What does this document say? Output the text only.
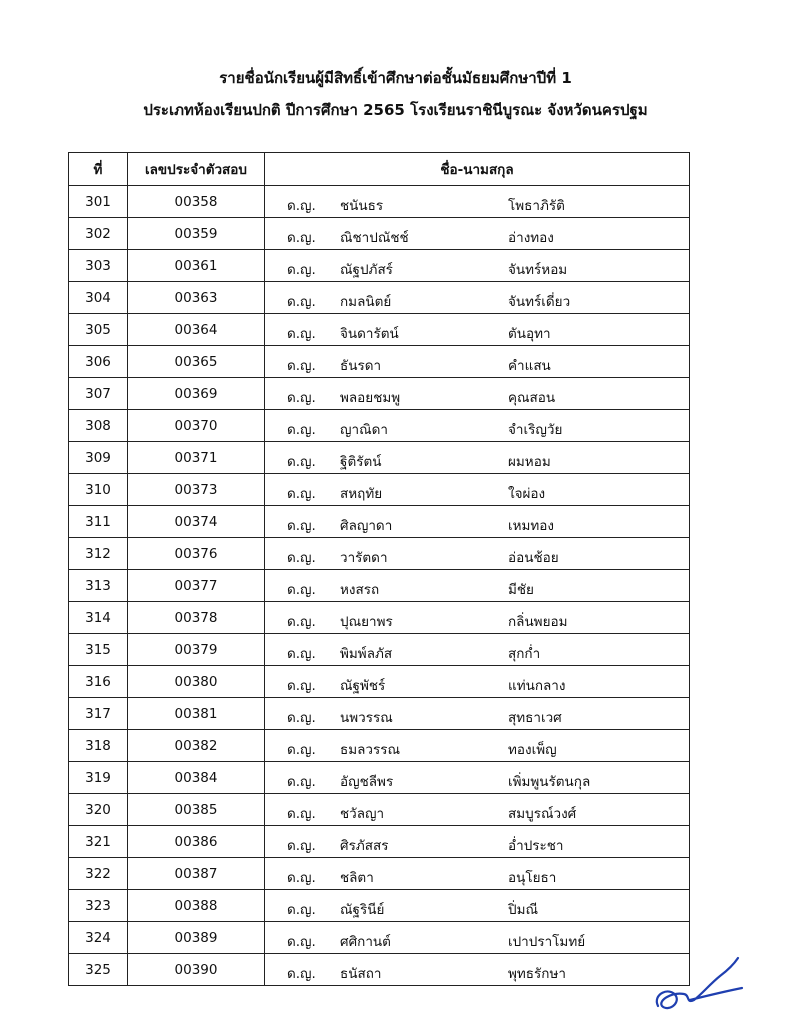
รายชื่อนักเรียนผู้มีสิทธิ์เข้าศึกษาต่อชั้นมัธยมศึกษาปีที่ 1
ประเภทห้องเรียนปกติ ปีการศึกษา 2565 โรงเรียนราชินีบูรณะ จังหวัดนครปฐม
ที่	เลขประจำตัวสอบ	ชื่อ-นามสกุล
301	00358	ด.ญ. ชนันธร โพธาภิรัติ

302	00359	ด.ญ. ณิชาปณัชช์ อ่างทอง

303	00361	ด.ญ. ณัฐปภัสร์ จันทร์หอม

304	00363	ด.ญ. กมลนิตย์ จันทร์เดี่ยว

305	00364	ด.ญ. จินดารัตน์ ตันอุทา

306	00365	ด.ญ. ธันรดา คำแสน

307	00369	ด.ญ. พลอยชมพู คุณสอน

308	00370	ด.ญ. ญาณิดา จำเริญวัย

309	00371	ด.ญ. ฐิติรัตน์ ผมหอม

310	00373	ด.ญ. สหฤทัย ใจผ่อง

311	00374	ด.ญ. ศิลญาดา เหมทอง

312	00376	ด.ญ. วารัตดา อ่อนช้อย

313	00377	ด.ญ. หงสรถ มีชัย

314	00378	ด.ญ. ปุณยาพร กลิ่นพยอม

315	00379	ด.ญ. พิมพ์ลภัส สุกก่ำ

316	00380	ด.ญ. ณัฐพัชร์ แท่นกลาง

317	00381	ด.ญ. นพวรรณ สุทธาเวศ

318	00382	ด.ญ. ธมลวรรณ ทองเพ็ญ

319	00384	ด.ญ. อัญชลีพร เพิ่มพูนรัตนกุล

320	00385	ด.ญ. ชวัลญา สมบูรณ์วงศ์

321	00386	ด.ญ. ศิรภัสสร อ่ำประชา

322	00387	ด.ญ. ชลิตา อนุโยธา

323	00388	ด.ญ. ณัฐรินีย์ ปิ่มณี

324	00389	ด.ญ. ศศิกานต์ เปาปราโมทย์

325	00390	ด.ญ. ธนัสถา พุทธรักษา
